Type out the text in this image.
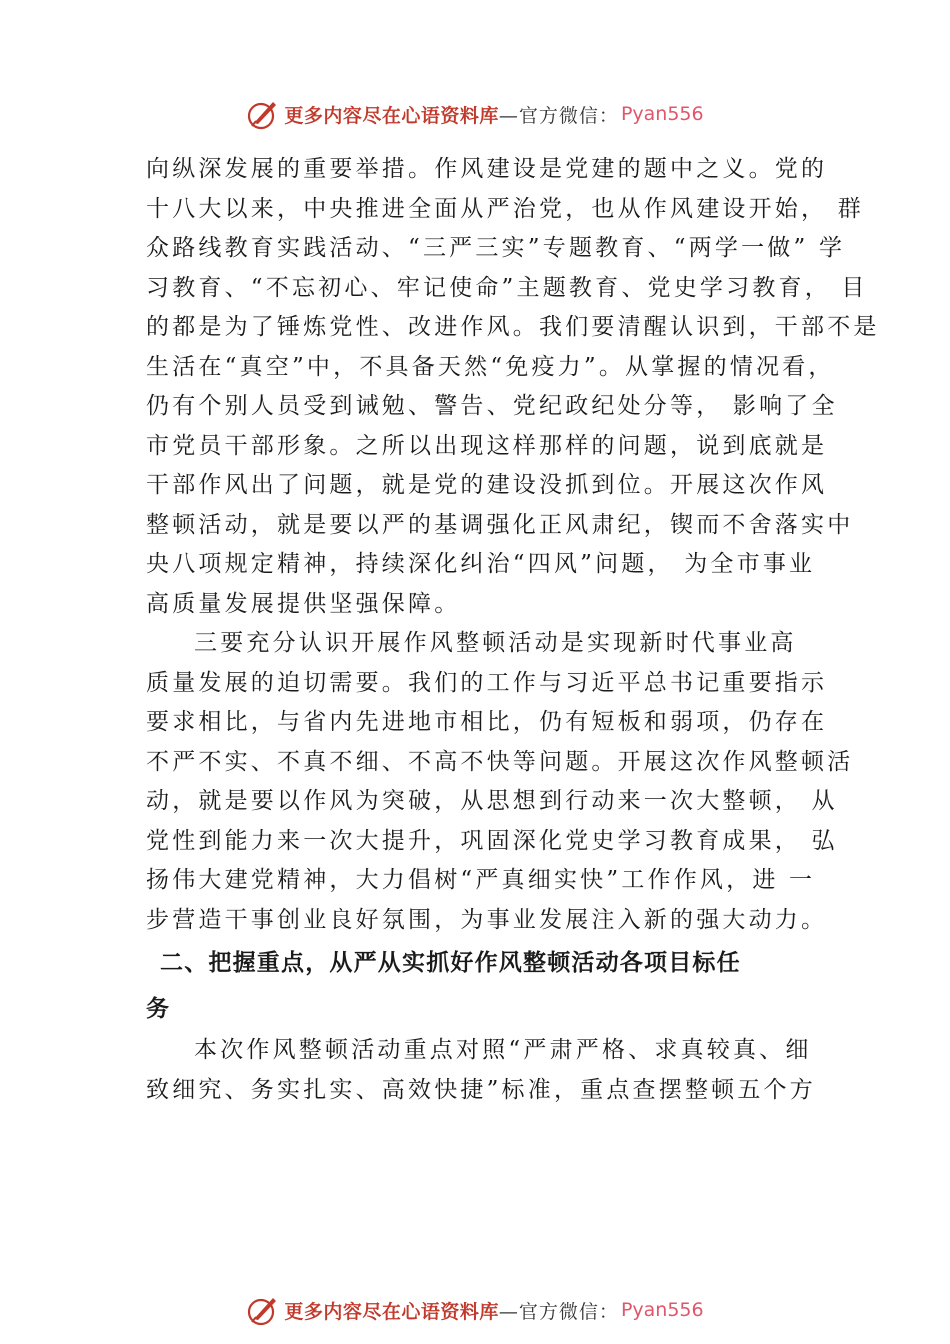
更多内容尽在心语资料库 —官方微信： Pyan556
向纵深发展的重要举措。作风建设是党建的题中之义。党的
十八大以来，中央推进全面从严治党，也从作风建设开始， 群
众路线教育实践活动、“三严三实”专题教育、“两学一做” 学
习教育、“不忘初心、牢记使命”主题教育、党史学习教育， 目
的都是为了锤炼党性、改进作风。我们要清醒认识到，干部不是
生活在“真空”中，不具备天然“免疫力”。从掌握的情况看，
仍有个别人员受到诫勉、警告、党纪政纪处分等， 影响了全
市党员干部形象。之所以出现这样那样的问题，说到底就是
干部作风出了问题，就是党的建设没抓到位。开展这次作风
整顿活动，就是要以严的基调强化正风肃纪，锲而不舍落实中
央八项规定精神，持续深化纠治“四风”问题， 为全市事业
高质量发展提供坚强保障。
三要充分认识开展作风整顿活动是实现新时代事业高
质量发展的迫切需要。我们的工作与习近平总书记重要指示
要求相比，与省内先进地市相比，仍有短板和弱项，仍存在
不严不实、不真不细、不高不快等问题。开展这次作风整顿活
动，就是要以作风为突破，从思想到行动来一次大整顿， 从
党性到能力来一次大提升，巩固深化党史学习教育成果， 弘
扬伟大建党精神，大力倡树“严真细实快”工作作风，进 一
步营造干事创业良好氛围，为事业发展注入新的强大动力。
二、把握重点，从严从实抓好作风整顿活动各项目标任
务
本次作风整顿活动重点对照“严肃严格、求真较真、细
致细究、务实扎实、高效快捷”标准，重点查摆整顿五个方
更多内容尽在心语资料库 —官方微信： Pyan556
